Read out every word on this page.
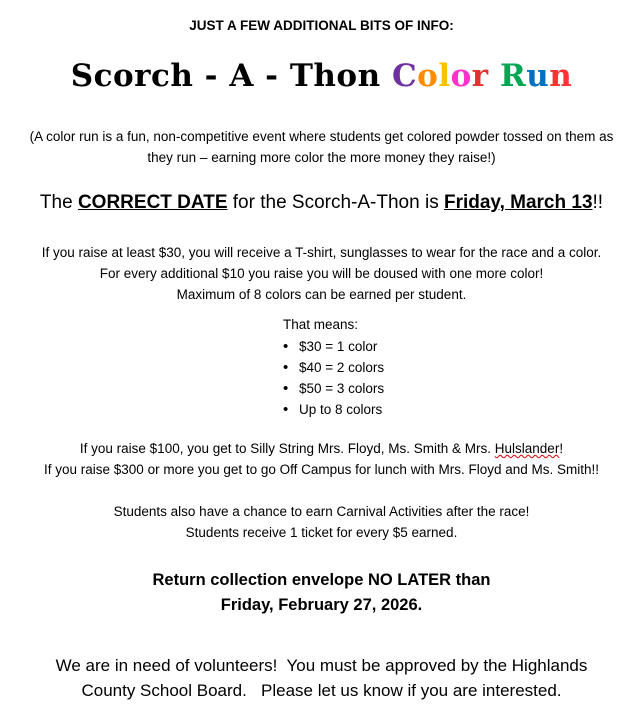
JUST A FEW ADDITIONAL BITS OF INFO:
Scorch - A - Thon Color Run
(A color run is a fun, non-competitive event where students get colored powder tossed on them as they run – earning more color the more money they raise!)
The CORRECT DATE for the Scorch-A-Thon is Friday, March 13!!
If you raise at least $30, you will receive a T-shirt, sunglasses to wear for the race and a color.
For every additional $10 you raise you will be doused with one more color!
Maximum of 8 colors can be earned per student.
That means:
• $30 = 1 color
• $40 = 2 colors
• $50 = 3 colors
• Up to 8 colors
If you raise $100, you get to Silly String Mrs. Floyd, Ms. Smith & Mrs. Hulslander!
If you raise $300 or more you get to go Off Campus for lunch with Mrs. Floyd and Ms. Smith!!
Students also have a chance to earn Carnival Activities after the race!
Students receive 1 ticket for every $5 earned.
Return collection envelope NO LATER than
Friday, February 27, 2026.
We are in need of volunteers!  You must be approved by the Highlands
County School Board.   Please let us know if you are interested.
